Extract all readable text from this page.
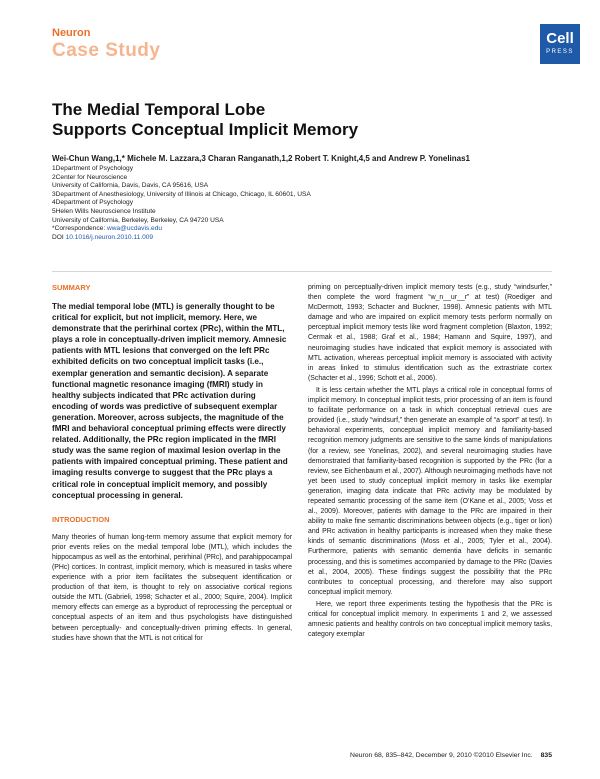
Neuron
Case Study
Cell
PRESS
The Medial Temporal Lobe
Supports Conceptual Implicit Memory
Wei-Chun Wang,1,* Michele M. Lazzara,3 Charan Ranganath,1,2 Robert T. Knight,4,5 and Andrew P. Yonelinas1
1Department of Psychology
2Center for Neuroscience
University of California, Davis, Davis, CA 95616, USA
3Department of Anesthesiology, University of Illinois at Chicago, Chicago, IL 60601, USA
4Department of Psychology
5Helen Wills Neuroscience Institute
University of California, Berkeley, Berkeley, CA 94720 USA
*Correspondence: wwa@ucdavis.edu
DOI 10.1016/j.neuron.2010.11.009
SUMMARY

The medial temporal lobe (MTL) is generally thought to be critical for explicit, but not implicit, memory. Here, we demonstrate that the perirhinal cortex (PRc), within the MTL, plays a role in conceptually-driven implicit memory. Amnesic patients with MTL lesions that converged on the left PRc exhibited deficits on two conceptual implicit tasks (i.e., exemplar generation and semantic decision). A separate functional magnetic resonance imaging (fMRI) study in healthy subjects indicated that PRc activation during encoding of words was predictive of subsequent exemplar generation. Moreover, across subjects, the magnitude of the fMRI and behavioral conceptual priming effects were directly related. Additionally, the PRc region implicated in the fMRI study was the same region of maximal lesion overlap in the patients with impaired conceptual priming. These patient and imaging results converge to suggest that the PRc plays a critical role in conceptual implicit memory, and possibly conceptual processing in general.

INTRODUCTION

Many theories of human long-term memory assume that explicit memory for prior events relies on the medial temporal lobe (MTL), which includes the hippocampus as well as the entorhinal, perirhinal (PRc), and parahippocampal (PHc) cortices. In contrast, implicit memory, which is measured in tasks where experience with a prior item facilitates the subsequent identification or production of that item, is thought to rely on associative cortical regions outside the MTL (Gabrieli, 1998; Schacter et al., 2000; Squire, 2004). Implicit memory effects can emerge as a byproduct of reprocessing the perceptual or conceptual aspects of an item and thus psychologists have distinguished between perceptually- and conceptually-driven priming effects. In general, studies have shown that the MTL is not critical for

priming on perceptually-driven implicit memory tests (e.g., study “windsurfer,” then complete the word fragment “w_n__ur__r” at test) (Roediger and McDermott, 1993; Schacter and Buckner, 1998). Amnesic patients with MTL damage and who are impaired on explicit memory tests perform normally on perceptual implicit memory tests like word fragment completion (Blaxton, 1992; Cermak et al., 1988; Graf et al., 1984; Hamann and Squire, 1997), and neuroimaging studies have indicated that explicit memory is associated with MTL activation, whereas perceptual implicit memory is associated with activity in areas linked to stimulus identification such as the extrastriate cortex (Schacter et al., 1996; Schott et al., 2006).

It is less certain whether the MTL plays a critical role in conceptual forms of implicit memory. In conceptual implicit tests, prior processing of an item is found to facilitate performance on a task in which conceptual retrieval cues are provided (i.e., study “windsurf,” then generate an example of “a sport” at test). In behavioral experiments, conceptual implicit memory and familiarity-based recognition memory judgments are sensitive to the same kinds of manipulations (for a review, see Yonelinas, 2002), and several neuroimaging studies have demonstrated that familiarity-based recognition is supported by the PRc (for a review, see Eichenbaum et al., 2007). Although neuroimaging methods have not yet been used to study conceptual implicit memory in tasks like exemplar generation, imaging data indicate that PRc activity may be modulated by repeated semantic processing of the same item (O’Kane et al., 2005; Voss et al., 2009). Moreover, patients with damage to the PRc are impaired in their ability to make fine semantic discriminations between objects (e.g., tiger or lion) and PRc activation in healthy participants is increased when they make these kinds of semantic discriminations (Moss et al., 2005; Tyler et al., 2004). Furthermore, patients with semantic dementia have deficits in semantic processing, and this is sometimes accompanied by damage to the PRc (Davies et al., 2004, 2005). These findings suggest the possibility that the PRc contributes to conceptual processing, and therefore may also support conceptual implicit memory.

Here, we report three experiments testing the hypothesis that the PRc is critical for conceptual implicit memory. In experiments 1 and 2, we assessed amnesic patients and healthy controls on two conceptual implicit memory tasks, category exemplar

Neuron 68, 835–842, December 9, 2010 ©2010 Elsevier Inc. 835
